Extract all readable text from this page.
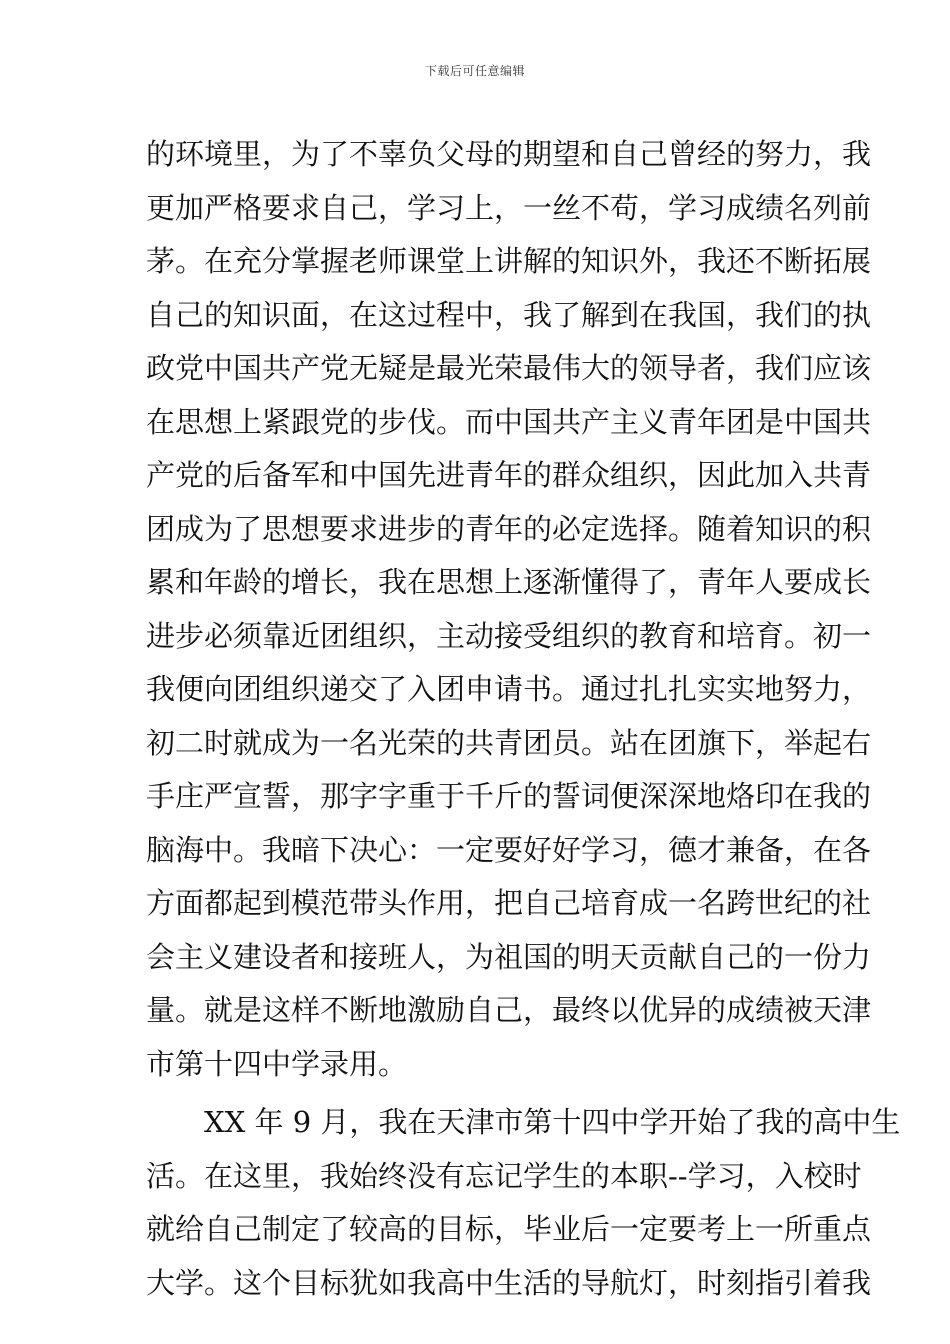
下载后可任意编辑
的环境里，为了不辜负父母的期望和自己曾经的努力，我
更加严格要求自己，学习上，一丝不苟，学习成绩名列前
茅。在充分掌握老师课堂上讲解的知识外，我还不断拓展
自己的知识面，在这过程中，我了解到在我国，我们的执
政党中国共产党无疑是最光荣最伟大的领导者，我们应该
在思想上紧跟党的步伐。而中国共产主义青年团是中国共
产党的后备军和中国先进青年的群众组织，因此加入共青
团成为了思想要求进步的青年的必定选择。随着知识的积
累和年龄的增长，我在思想上逐渐懂得了，青年人要成长
进步必须靠近团组织，主动接受组织的教育和培育。初一
我便向团组织递交了入团申请书。通过扎扎实实地努力，
初二时就成为一名光荣的共青团员。站在团旗下，举起右
手庄严宣誓，那字字重于千斤的誓词便深深地烙印在我的
脑海中。我暗下决心：一定要好好学习，德才兼备，在各
方面都起到模范带头作用，把自己培育成一名跨世纪的社
会主义建设者和接班人，为祖国的明天贡献自己的一份力
量。就是这样不断地激励自己，最终以优异的成绩被天津
市第十四中学录用。
XX 年 9 月，我在天津市第十四中学开始了我的高中生
活。在这里，我始终没有忘记学生的本职--学习，入校时
就给自己制定了较高的目标，毕业后一定要考上一所重点
大学。这个目标犹如我高中生活的导航灯，时刻指引着我
